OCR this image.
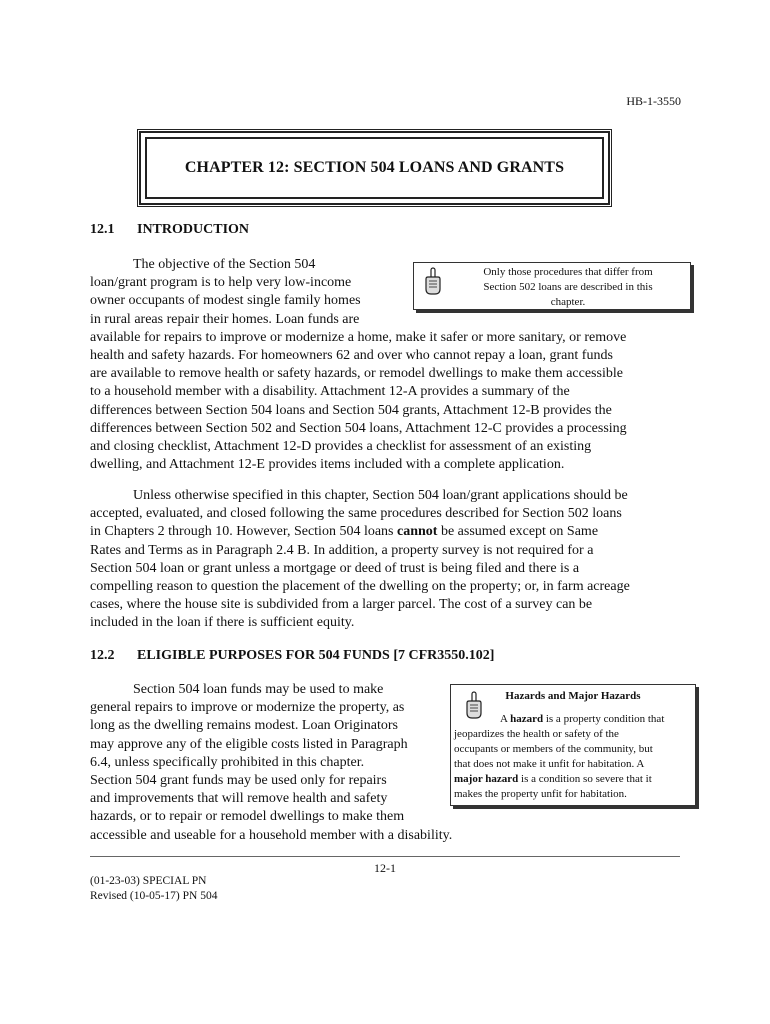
HB-1-3550
CHAPTER 12: SECTION 504 LOANS AND GRANTS
12.1 INTRODUCTION
The objective of the Section 504
loan/grant program is to help very low-income
owner occupants of modest single family homes
in rural areas repair their homes. Loan funds are
available for repairs to improve or modernize a home, make it safer or more sanitary, or remove
health and safety hazards. For homeowners 62 and over who cannot repay a loan, grant funds
are available to remove health or safety hazards, or remodel dwellings to make them accessible
to a household member with a disability. Attachment 12-A provides a summary of the
differences between Section 504 loans and Section 504 grants, Attachment 12-B provides the
differences between Section 502 and Section 504 loans, Attachment 12-C provides a processing
and closing checklist, Attachment 12-D provides a checklist for assessment of an existing
dwelling, and Attachment 12-E provides items included with a complete application.
Only those procedures that differ from
Section 502 loans are described in this
chapter.
Unless otherwise specified in this chapter, Section 504 loan/grant applications should be
accepted, evaluated, and closed following the same procedures described for Section 502 loans
in Chapters 2 through 10. However, Section 504 loans cannot be assumed except on Same
Rates and Terms as in Paragraph 2.4 B. In addition, a property survey is not required for a
Section 504 loan or grant unless a mortgage or deed of trust is being filed and there is a
compelling reason to question the placement of the dwelling on the property; or, in farm acreage
cases, where the house site is subdivided from a larger parcel. The cost of a survey can be
included in the loan if there is sufficient equity.
12.2 ELIGIBLE PURPOSES FOR 504 FUNDS [7 CFR3550.102]
Section 504 loan funds may be used to make
general repairs to improve or modernize the property, as
long as the dwelling remains modest. Loan Originators
may approve any of the eligible costs listed in Paragraph
6.4, unless specifically prohibited in this chapter.
Section 504 grant funds may be used only for repairs
and improvements that will remove health and safety
hazards, or to repair or remodel dwellings to make them
accessible and useable for a household member with a disability.
Hazards and Major Hazards
A hazard is a property condition that
jeopardizes the health or safety of the
occupants or members of the community, but
that does not make it unfit for habitation. A
major hazard is a condition so severe that it
makes the property unfit for habitation.
12-1
(01-23-03) SPECIAL PN
Revised (10-05-17) PN 504
